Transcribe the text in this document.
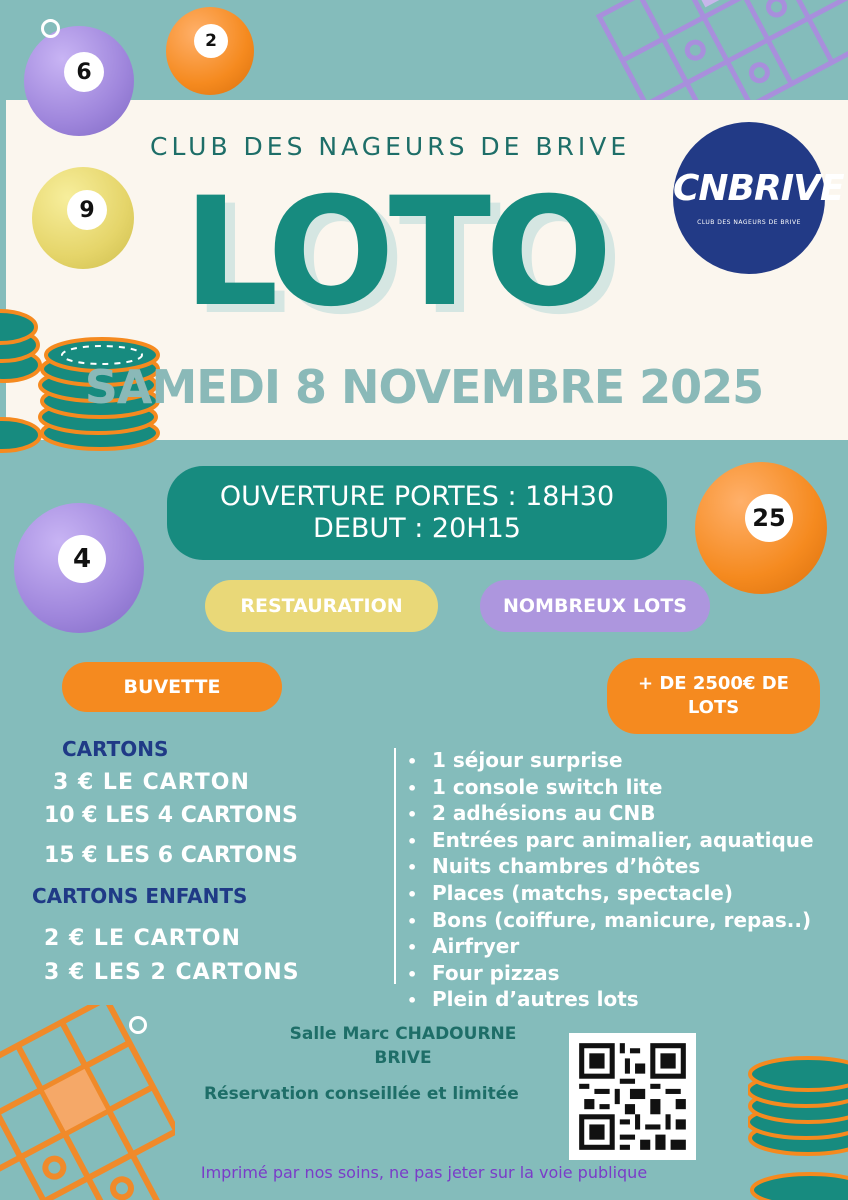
6
2
9
4
25
CLUB DES NAGEURS DE BRIVE
LOTO
SAMEDI 8 NOVEMBRE 2025
CNBRIVE
CLUB DES NAGEURS DE BRIVE
OUVERTURE PORTES : 18H30
DEBUT : 20H15
RESTAURATION	NOMBREUX LOTS
BUVETTE	+ DE 2500€ DE LOTS
CARTONS
3 € LE CARTON
10 € LES 4 CARTONS
15 € LES 6 CARTONS
CARTONS ENFANTS
2 € LE CARTON
3 € LES 2 CARTONS
• 1 séjour surprise
• 1 console switch lite
• 2 adhésions au CNB
• Entrées parc animalier, aquatique
• Nuits chambres d’hôtes
• Places (matchs, spectacle)
• Bons (coiffure, manicure, repas..)
• Airfryer
• Four pizzas
• Plein d’autres lots
Salle Marc CHADOURNE
BRIVE
Réservation conseillée et limitée
Imprimé par nos soins, ne pas jeter sur la voie publique
